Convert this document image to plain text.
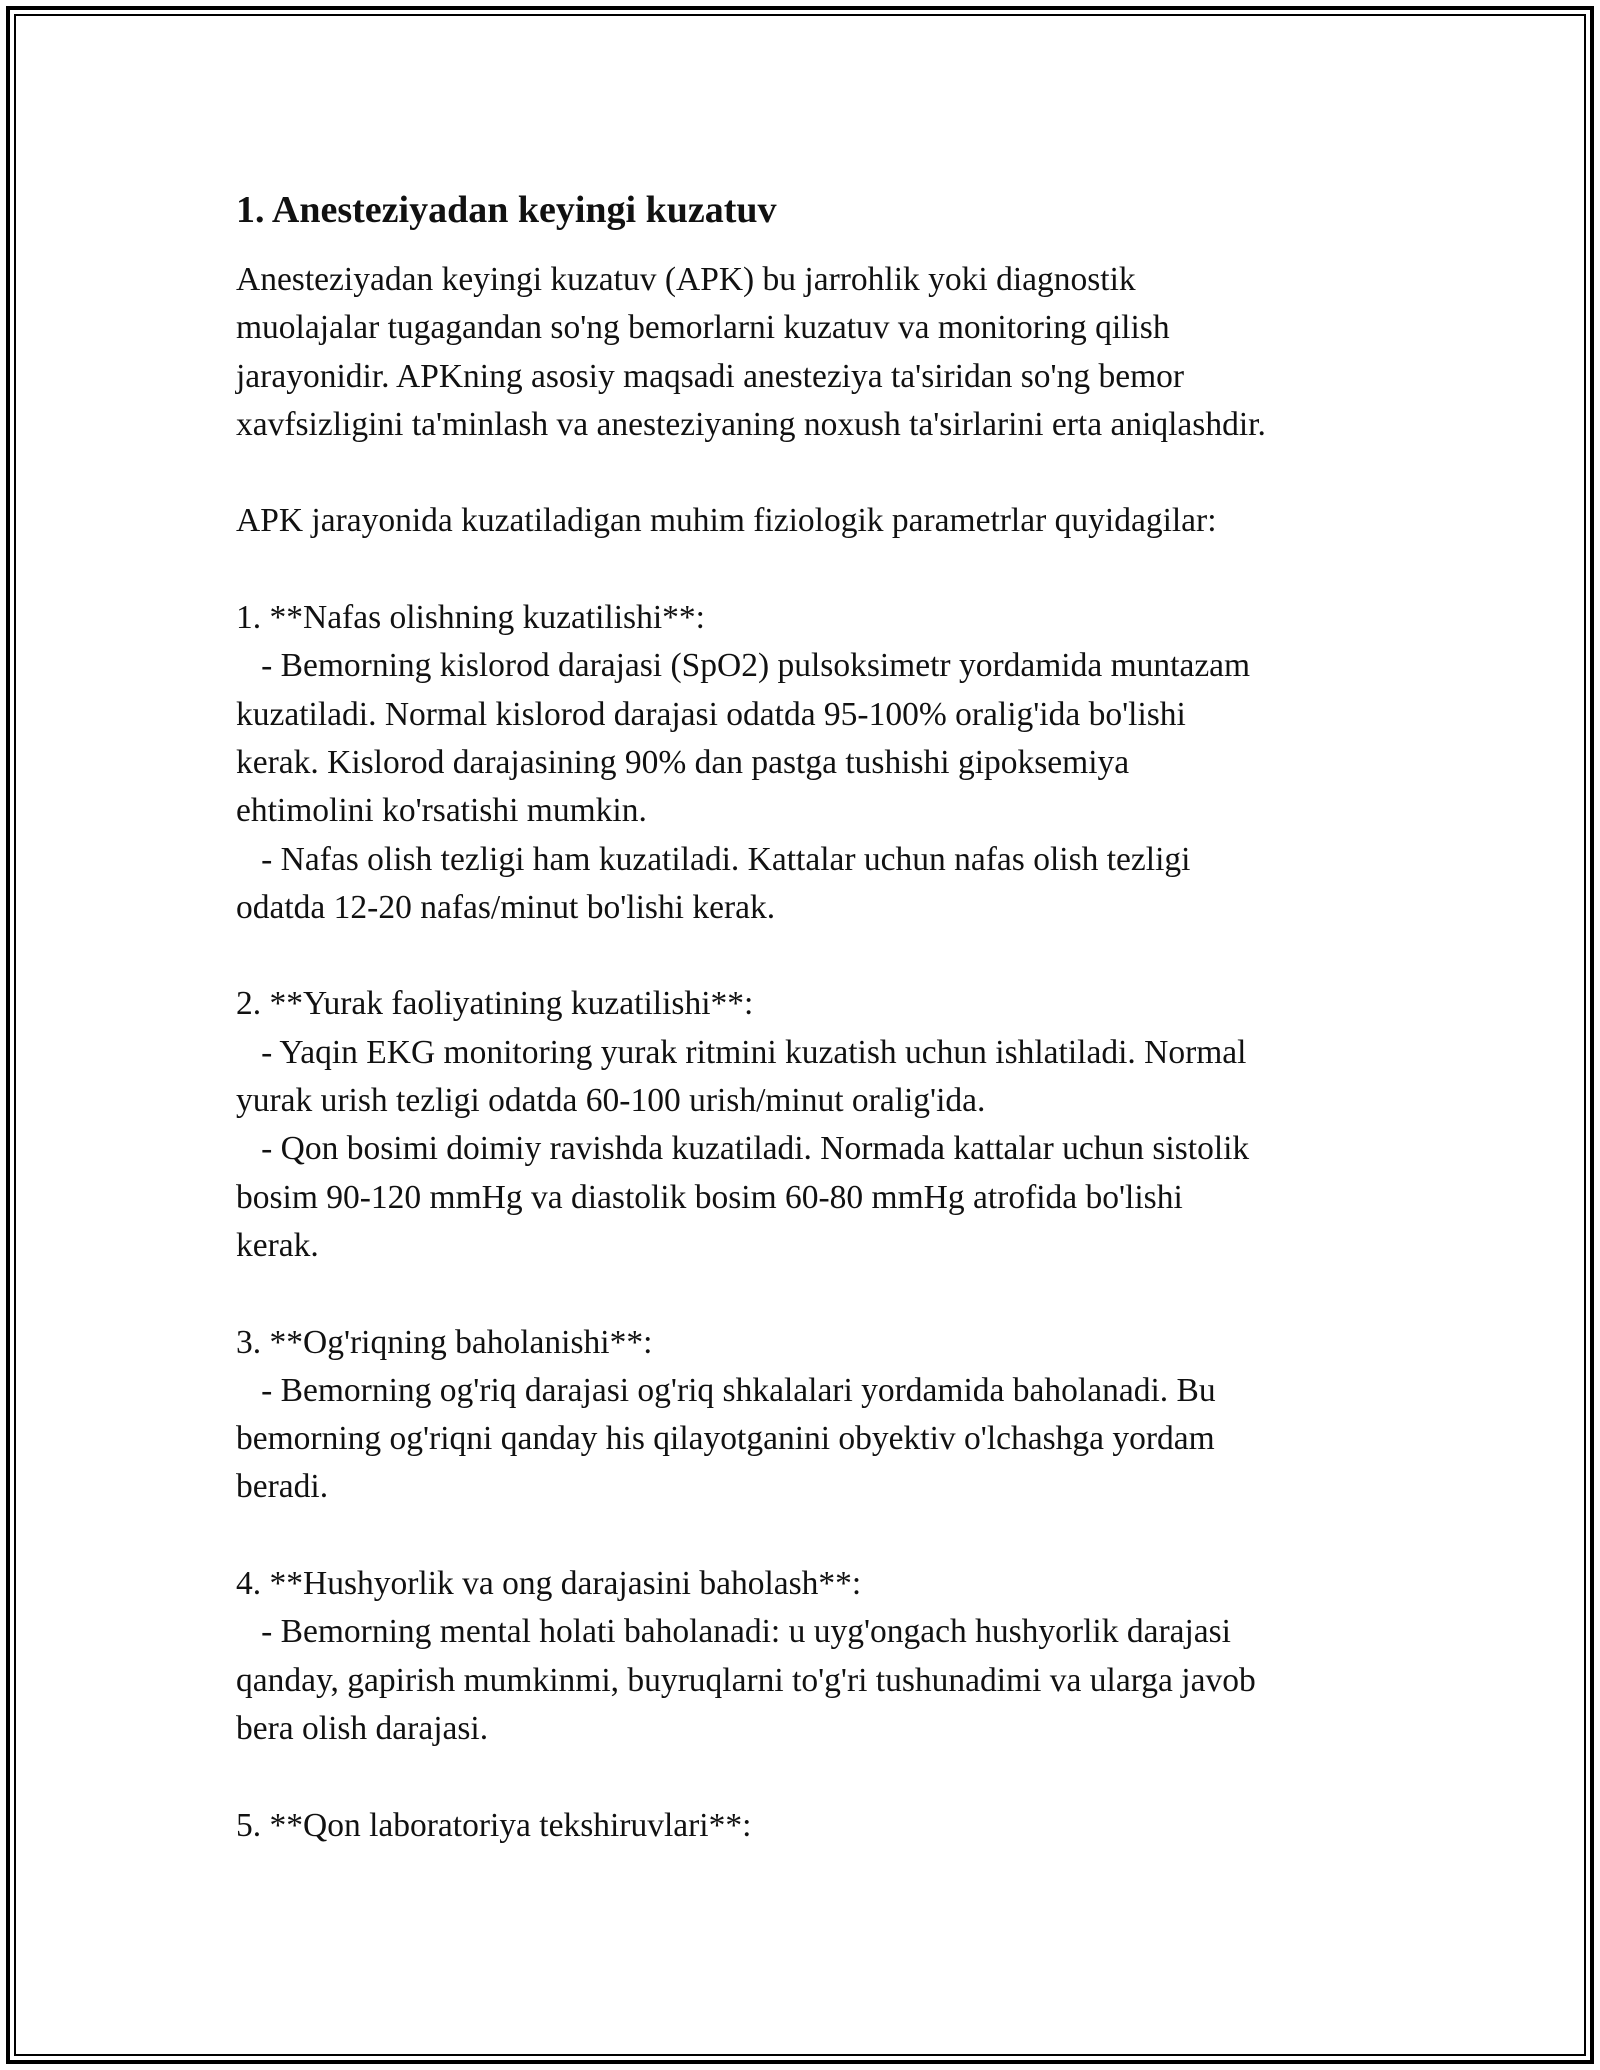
1. Anesteziyadan keyingi kuzatuv

Anesteziyadan keyingi kuzatuv (APK) bu jarrohlik yoki diagnostik

muolajalar tugagandan so'ng bemorlarni kuzatuv va monitoring qilish

jarayonidir. APKning asosiy maqsadi anesteziya ta'siridan so'ng bemor

xavfsizligini ta'minlash va anesteziyaning noxush ta'sirlarini erta aniqlashdir.

APK jarayonida kuzatiladigan muhim fiziologik parametrlar quyidagilar:

1. **Nafas olishning kuzatilishi**:

- Bemorning kislorod darajasi (SpO2) pulsoksimetr yordamida muntazam

kuzatiladi. Normal kislorod darajasi odatda 95-100% oralig'ida bo'lishi

kerak. Kislorod darajasining 90% dan pastga tushishi gipoksemiya

ehtimolini ko'rsatishi mumkin.

- Nafas olish tezligi ham kuzatiladi. Kattalar uchun nafas olish tezligi

odatda 12-20 nafas/minut bo'lishi kerak.

2. **Yurak faoliyatining kuzatilishi**:

- Yaqin EKG monitoring yurak ritmini kuzatish uchun ishlatiladi. Normal

yurak urish tezligi odatda 60-100 urish/minut oralig'ida.

- Qon bosimi doimiy ravishda kuzatiladi. Normada kattalar uchun sistolik

bosim 90-120 mmHg va diastolik bosim 60-80 mmHg atrofida bo'lishi

kerak.

3. **Og'riqning baholanishi**:

- Bemorning og'riq darajasi og'riq shkalalari yordamida baholanadi. Bu

bemorning og'riqni qanday his qilayotganini obyektiv o'lchashga yordam

beradi.

4. **Hushyorlik va ong darajasini baholash**:

- Bemorning mental holati baholanadi: u uyg'ongach hushyorlik darajasi

qanday, gapirish mumkinmi, buyruqlarni to'g'ri tushunadimi va ularga javob

bera olish darajasi.

5. **Qon laboratoriya tekshiruvlari**:
